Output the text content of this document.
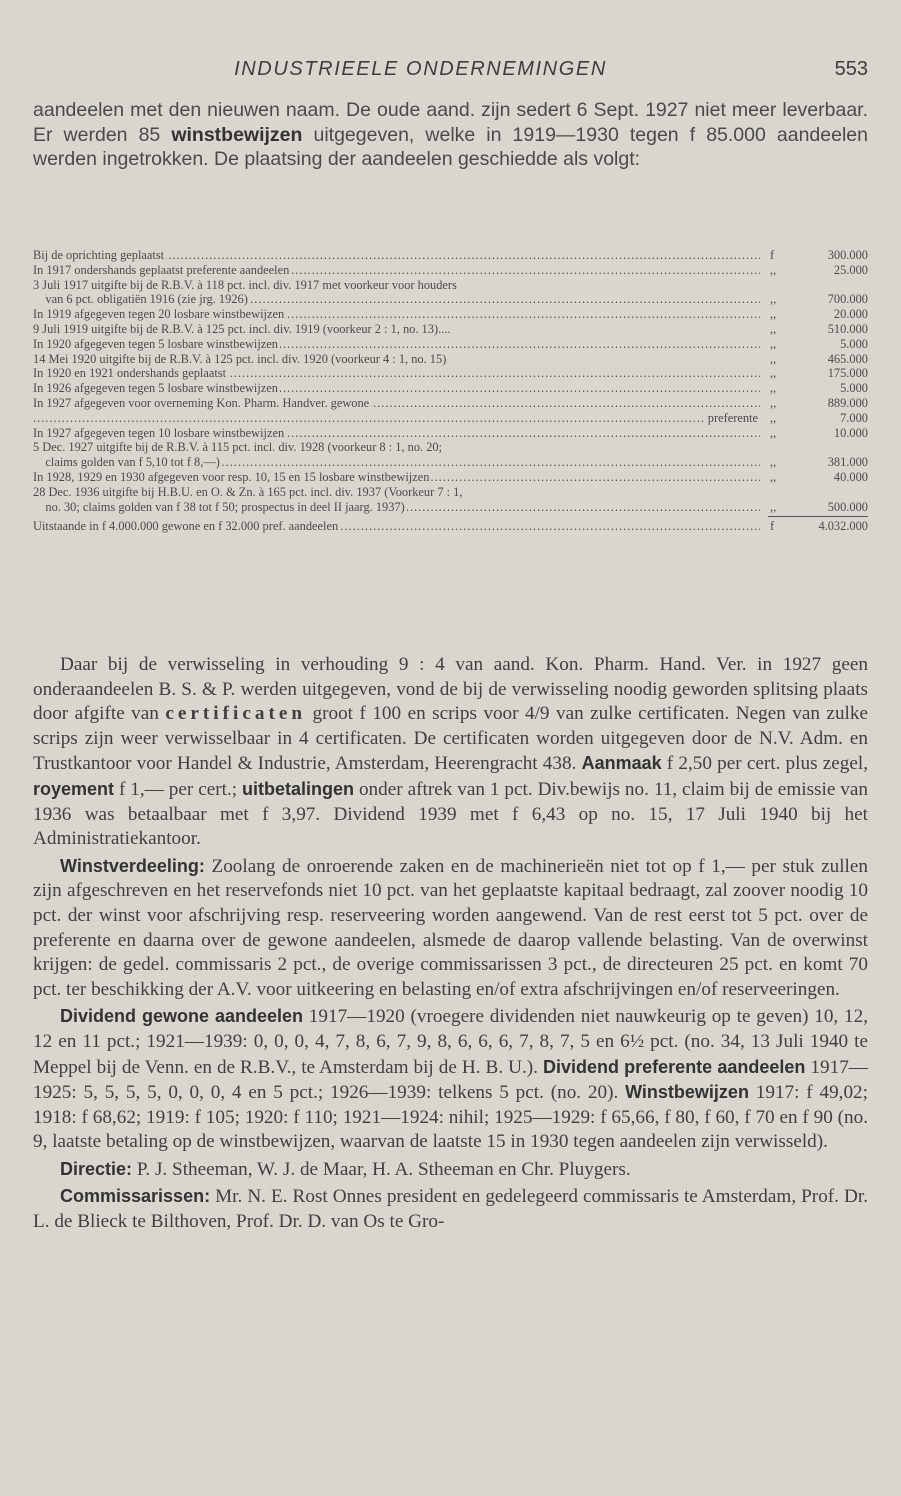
INDUSTRIEELE ONDERNEMINGEN	553
aandeelen met den nieuwen naam. De oude aand. zijn sedert 6 Sept. 1927 niet meer leverbaar. Er werden 85 winstbewijzen uitgegeven, welke in 1919—1930 tegen f 85.000 aandeelen werden ingetrokken. De plaatsing der aandeelen geschiedde als volgt:
Bij de oprichting geplaatst .....	f	300.000
In 1917 ondershands geplaatst preferente aandeelen .....	,,	25.000
3 Juli 1917 uitgifte bij de R.B.V. à 118 pct. incl. div. 1917 met voorkeur voor houders
van 6 pct. obligatiën 1916 (zie jrg. 1926) .....	,,	700.000
In 1919 afgegeven tegen 20 losbare winstbewijzen .....	,,	20.000
9 Juli 1919 uitgifte bij de R.B.V. à 125 pct. incl. div. 1919 (voorkeur 2 : 1, no. 13)....	,,	510.000
In 1920 afgegeven tegen 5 losbare winstbewijzen .....	,,	5.000
14 Mei 1920 uitgifte bij de R.B.V. à 125 pct. incl. div. 1920 (voorkeur 4 : 1, no. 15)	,,	465.000
In 1920 en 1921 ondershands geplaatst .....	,,	175.000
In 1926 afgegeven tegen 5 losbare winstbewijzen .....	,,	5.000
In 1927 afgegeven voor overneming Kon. Pharm. Handver. gewone .....	,,	889.000
preferente ..... ,,	7.000
In 1927 afgegeven tegen 10 losbare winstbewijzen .....	,,	10.000
5 Dec. 1927 uitgifte bij de R.B.V. à 115 pct. incl. div. 1928 (voorkeur 8 : 1, no. 20;
claims golden van f 5,10 tot f 8,—) .....	,,	381.000
In 1928, 1929 en 1930 afgegeven voor resp. 10, 15 en 15 losbare winstbewijzen .....	,,	40.000
28 Dec. 1936 uitgifte bij H.B.U. en O. & Zn. à 165 pct. incl. div. 1937 (Voorkeur 7 : 1,
no. 30; claims golden van f 38 tot f 50; prospectus in deel II jaarg. 1937) .....	,,	500.000
Uitstaande in f 4.000.000 gewone en f 32.000 pref. aandeelen .....	f	4.032.000

Daar bij de verwisseling in verhouding 9 : 4 van aand. Kon. Pharm. Hand. Ver. in 1927 geen onderaandeelen B. S. & P. werden uitgegeven, vond de bij de verwisseling noodig geworden splitsing plaats door afgifte van certificaten groot f 100 en scrips voor 4/9 van zulke certificaten. Negen van zulke scrips zijn weer verwisselbaar in 4 certificaten. De certificaten worden uitgegeven door de N.V. Adm. en Trustkantoor voor Handel & Industrie, Amsterdam, Heerengracht 438. Aanmaak f 2,50 per cert. plus zegel, royement f 1,— per cert.; uitbetalingen onder aftrek van 1 pct. Div.bewijs no. 11, claim bij de emissie van 1936 was betaalbaar met f 3,97. Dividend 1939 met f 6,43 op no. 15, 17 Juli 1940 bij het Administratiekantoor.

Winstverdeeling: Zoolang de onroerende zaken en de machinerieën niet tot op f 1,— per stuk zullen zijn afgeschreven en het reservefonds niet 10 pct. van het geplaatste kapitaal bedraagt, zal zoover noodig 10 pct. der winst voor afschrijving resp. reserveering worden aangewend. Van de rest eerst tot 5 pct. over de preferente en daarna over de gewone aandeelen, alsmede de daarop vallende belasting. Van de overwinst krijgen: de gedel. commissaris 2 pct., de overige commissarissen 3 pct., de directeuren 25 pct. en komt 70 pct. ter beschikking der A.V. voor uitkeering en belasting en/of extra afschrijvingen en/of reserveeringen.

Dividend gewone aandeelen 1917—1920 (vroegere dividenden niet nauwkeurig op te geven) 10, 12, 12 en 11 pct.; 1921—1939: 0, 0, 0, 4, 7, 8, 6, 7, 9, 8, 6, 6, 6, 7, 8, 7, 5 en 6½ pct. (no. 34, 13 Juli 1940 te Meppel bij de Venn. en de R.B.V., te Amsterdam bij de H. B. U.). Dividend preferente aandeelen 1917—1925: 5, 5, 5, 5, 0, 0, 0, 4 en 5 pct.; 1926—1939: telkens 5 pct. (no. 20). Winstbewijzen 1917: f 49,02; 1918: f 68,62; 1919: f 105; 1920: f 110; 1921—1924: nihil; 1925—1929: f 65,66, f 80, f 60, f 70 en f 90 (no. 9, laatste betaling op de winstbewijzen, waarvan de laatste 15 in 1930 tegen aandeelen zijn verwisseld).

Directie: P. J. Stheeman, W. J. de Maar, H. A. Stheeman en Chr. Pluygers.

Commissarissen: Mr. N. E. Rost Onnes president en gedelegeerd commissaris te Amsterdam, Prof. Dr. L. de Blieck te Bilthoven, Prof. Dr. D. van Os te Gro-
